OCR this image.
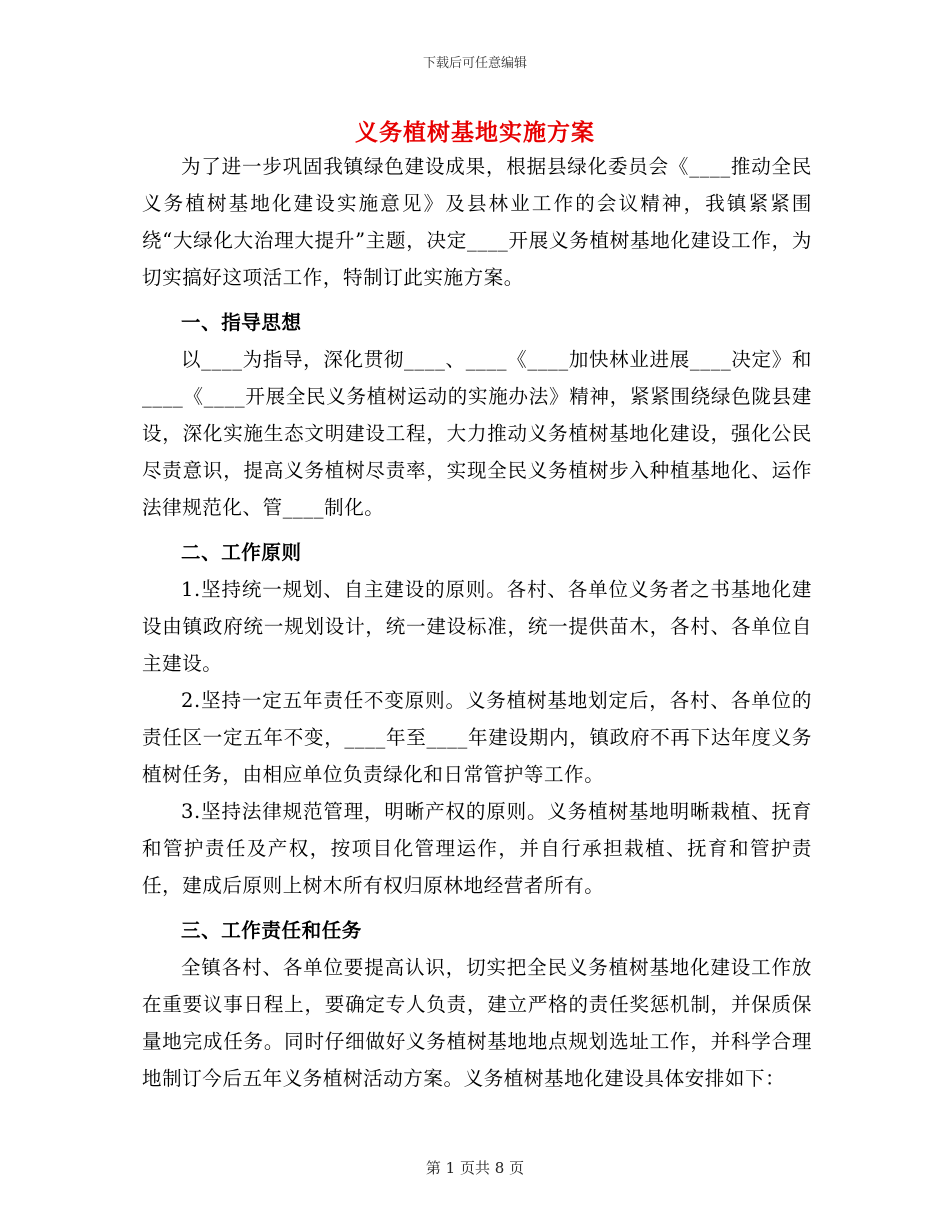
下载后可任意编辑
义务植树基地实施方案

为了进一步巩固我镇绿色建设成果，根据县绿化委员会《____推动全民义务植树基地化建设实施意见》及县林业工作的会议精神，我镇紧紧围绕“大绿化大治理大提升”主题，决定____开展义务植树基地化建设工作，为切实搞好这项活工作，特制订此实施方案。

一、指导思想

以____为指导，深化贯彻____、____《____加快林业进展____决定》和____《____开展全民义务植树运动的实施办法》精神，紧紧围绕绿色陇县建设，深化实施生态文明建设工程，大力推动义务植树基地化建设，强化公民尽责意识，提高义务植树尽责率，实现全民义务植树步入种植基地化、运作法律规范化、管____制化。

二、工作原则

1.坚持统一规划、自主建设的原则。各村、各单位义务者之书基地化建设由镇政府统一规划设计，统一建设标准，统一提供苗木，各村、各单位自主建设。

2.坚持一定五年责任不变原则。义务植树基地划定后，各村、各单位的责任区一定五年不变，____年至____年建设期内，镇政府不再下达年度义务植树任务，由相应单位负责绿化和日常管护等工作。

3.坚持法律规范管理，明晰产权的原则。义务植树基地明晰栽植、抚育和管护责任及产权，按项目化管理运作，并自行承担栽植、抚育和管护责任，建成后原则上树木所有权归原林地经营者所有。

三、工作责任和任务

全镇各村、各单位要提高认识，切实把全民义务植树基地化建设工作放在重要议事日程上，要确定专人负责，建立严格的责任奖惩机制，并保质保量地完成任务。同时仔细做好义务植树基地地点规划选址工作，并科学合理地制订今后五年义务植树活动方案。义务植树基地化建设具体安排如下：

第 1 页共 8 页
